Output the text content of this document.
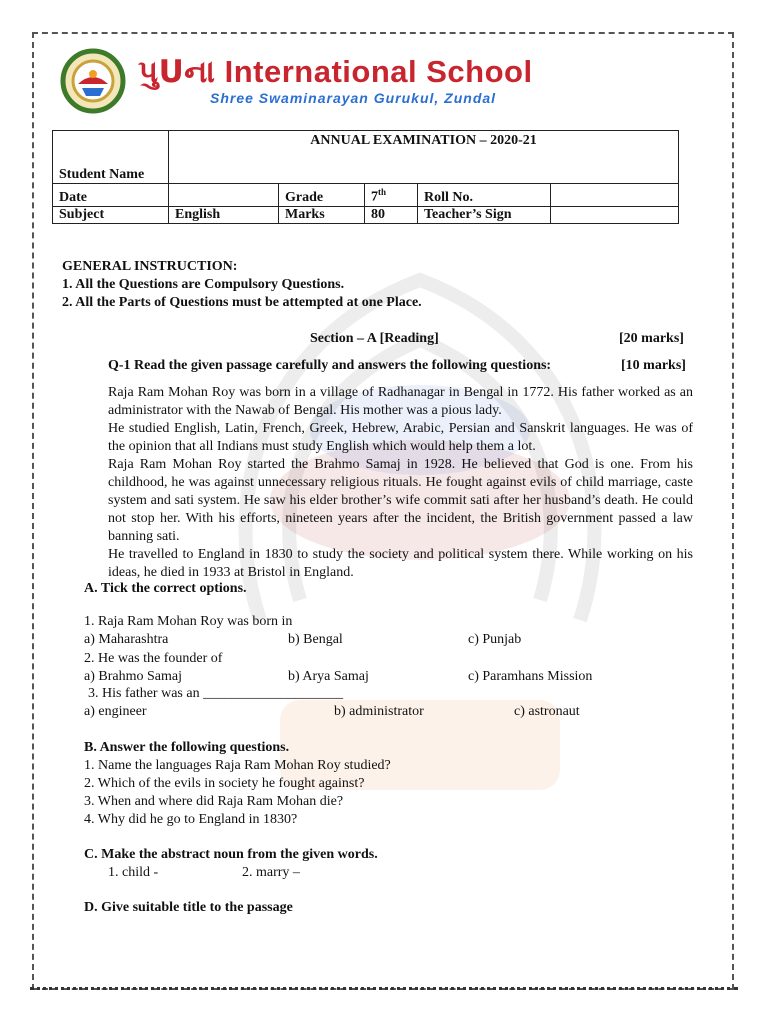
પુUના International School
Shree Swaminarayan Gurukul, Zundal
Student Name	ANNUAL EXAMINATION – 2020-21				
Date		Grade	7th	Roll No.	
Subject	English	Marks	80	Teacher’s Sign	
GENERAL INSTRUCTION:
1. All the Questions are Compulsory Questions.
2. All the Parts of Questions must be attempted at one Place.
Section – A [Reading]	[20 marks]
Q-1 Read the given passage carefully and answers the following questions:	[10 marks]

Raja Ram Mohan Roy was born in a village of Radhanagar in Bengal in 1772. His father worked as an administrator with the Nawab of Bengal. His mother was a pious lady.

He studied English, Latin, French, Greek, Hebrew, Arabic, Persian and Sanskrit languages. He was of the opinion that all Indians must study English which would help them a lot.

Raja Ram Mohan Roy started the Brahmo Samaj in 1928. He believed that God is one. From his childhood, he was against unnecessary religious rituals. He fought against evils of child marriage, caste system and sati system. He saw his elder brother’s wife commit sati after her husband’s death. He could not stop her. With his efforts, nineteen years after the incident, the British government passed a law banning sati.

He travelled to England in 1830 to study the society and political system there. While working on his ideas, he died in 1933 at Bristol in England.

A. Tick the correct options.
1. Raja Ram Mohan Roy was born in
a) Maharashtra	b) Bengal	c) Punjab
2. He was the founder of
a) Brahmo Samaj	b) Arya Samaj	c) Paramhans Mission
3. His father was an ____________________
a) engineer	b) administrator	c) astronaut
B. Answer the following questions.
1. Name the languages Raja Ram Mohan Roy studied?
2. Which of the evils in society he fought against?
3. When and where did Raja Ram Mohan die?
4. Why did he go to England in 1830?
C. Make the abstract noun from the given words.
1. child -	2. marry –
D. Give suitable title to the passage
